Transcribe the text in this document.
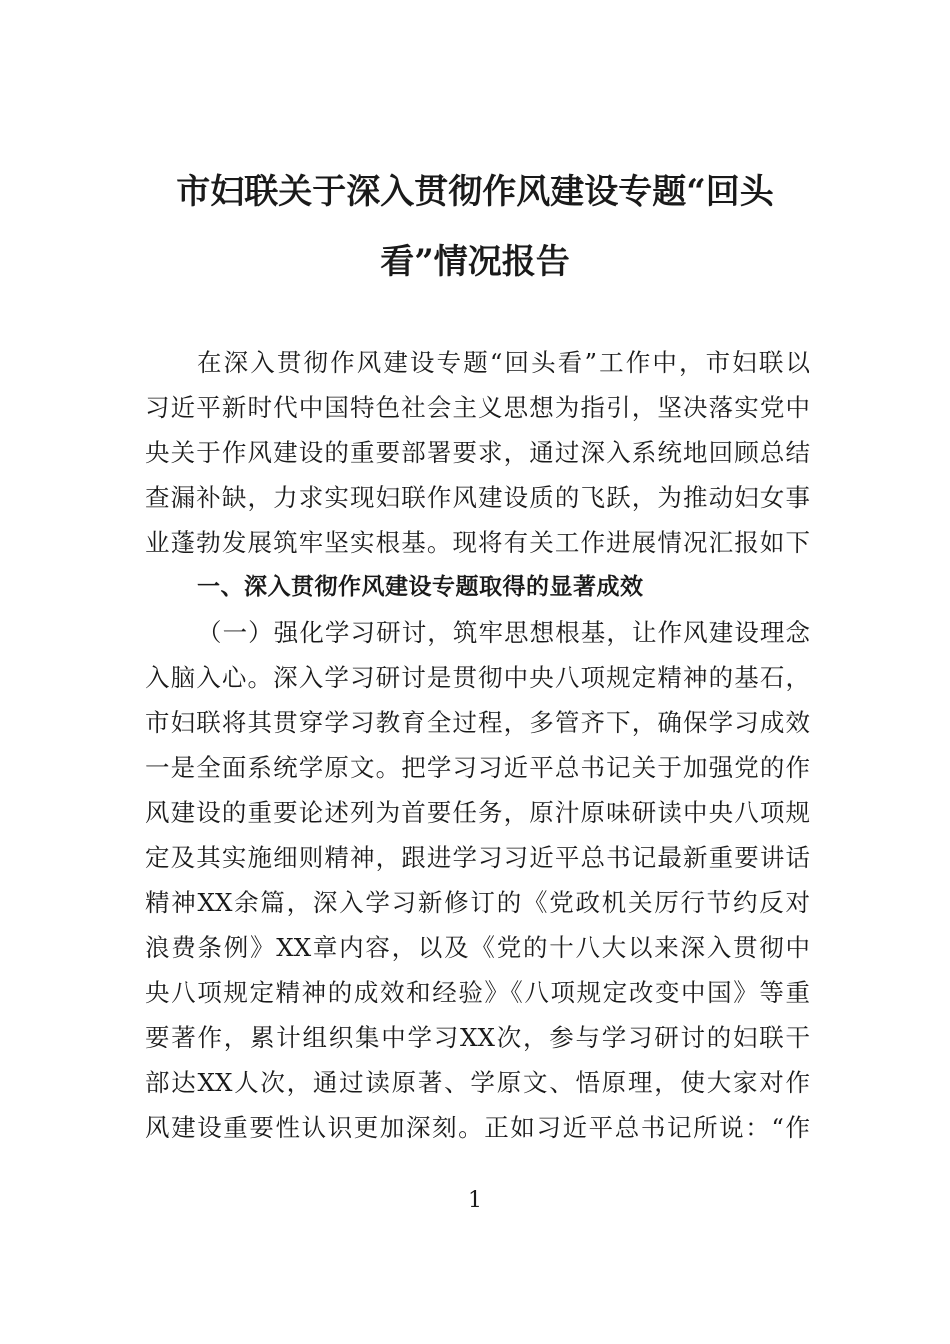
市妇联关于深入贯彻作风建设专题“回头
看”情况报告
在深入贯彻作风建设专题“回头看”工作中，市妇联以
习近平新时代中国特色社会主义思想为指引，坚决落实党中
央关于作风建设的重要部署要求，通过深入系统地回顾总结
查漏补缺，力求实现妇联作风建设质的飞跃，为推动妇女事
业蓬勃发展筑牢坚实根基。现将有关工作进展情况汇报如下
一、深入贯彻作风建设专题取得的显著成效
（一）强化学习研讨，筑牢思想根基，让作风建设理念
入脑入心。深入学习研讨是贯彻中央八项规定精神的基石，
市妇联将其贯穿学习教育全过程，多管齐下，确保学习成效
一是全面系统学原文。把学习习近平总书记关于加强党的作
风建设的重要论述列为首要任务，原汁原味研读中央八项规
定及其实施细则精神，跟进学习习近平总书记最新重要讲话
精神XX余篇，深入学习新修订的《党政机关厉行节约反对
浪费条例》XX章内容，以及《党的十八大以来深入贯彻中
央八项规定精神的成效和经验》《八项规定改变中国》等重
要著作，累计组织集中学习XX次，参与学习研讨的妇联干
部达XX人次，通过读原著、学原文、悟原理，使大家对作
风建设重要性认识更加深刻。正如习近平总书记所说：“作
1
